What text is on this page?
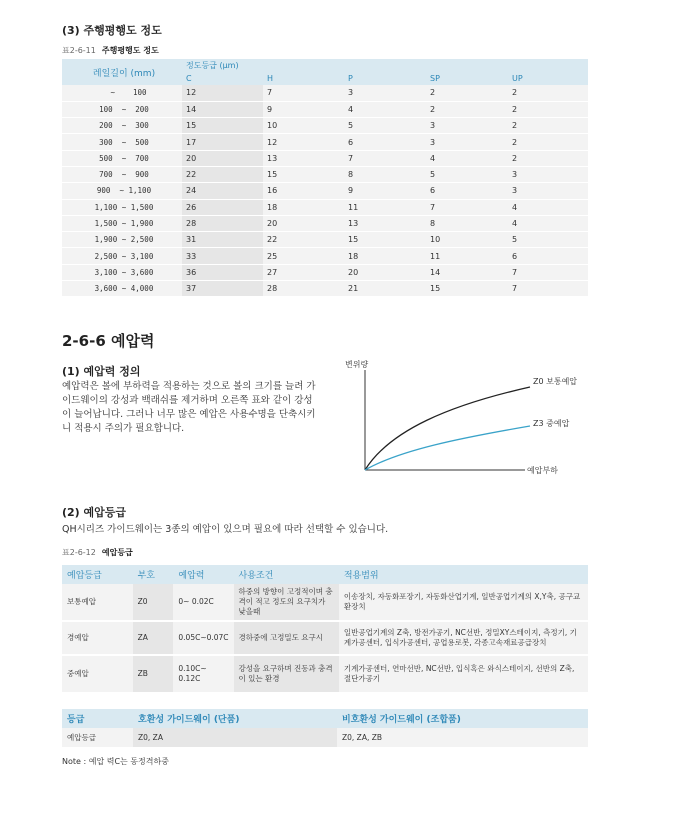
(3) 주행평행도 정도
표2-6-11 주행평행도 정도
레일길이 (mm)	정도등급 (μm)				
	C	H	P	SP	UP
~    100	12	7	3	2	2
100  ~  200	14	9	4	2	2
200  ~  300	15	10	5	3	2
300  ~  500	17	12	6	3	2
500  ~  700	20	13	7	4	2
700  ~  900	22	15	8	5	3
900  ~ 1,100	24	16	9	6	3
1,100 ~ 1,500	26	18	11	7	4
1,500 ~ 1,900	28	20	13	8	4
1,900 ~ 2,500	31	22	15	10	5
2,500 ~ 3,100	33	25	18	11	6
3,100 ~ 3,600	36	27	20	14	7
3,600 ~ 4,000	37	28	21	15	7
2-6-6 예압력
(1) 예압력 정의
예압력은 볼에 부하력을 적용하는 것으로 볼의 크기를 늘려 가이드웨이의 강성과 백래쉬를 제거하며 오른쪽 표와 같이 강성이 늘어납니다. 그러나 너무 많은 예압은 사용수명을 단축시키니 적용시 주의가 필요합니다.
변위량
예압부하
Z0 보통예압
Z3 중예압
(2) 예압등급
QH시리즈 가이드웨이는 3종의 예압이 있으며 필요에 따라 선택할 수 있습니다.
표2-6-12 예압등급
예압등급	부호	예압력	사용조건	적용범위
보통예압	Z0	0~ 0.02C	하중의 방향이 고정적이며 충격이 적고 정도의 요구치가 낮을때	이송장치, 자동화포장기, 자동화산업기계, 일반공업기계의 X,Y축, 공구교환장치
경예압	ZA	0.05C~0.07C	경하중에 고정밀도 요구시	일반공업기계의 Z축, 방전가공기, NC선반, 정밀XY스테이지, 측정기, 기계가공센터, 입식가공센터, 공업용로봇, 각종고속재료공급장치
중예압	ZB	0.10C~ 0.12C	강성을 요구하며 진동과 충격이 있는 환경	기계가공센터, 연마선반, NC선반, 입식혹은 와식스테이지, 선반의 Z축, 절단가공기
등급	호환성 가이드웨이 (단품)	비호환성 가이드웨이 (조합품)
예압등급	Z0, ZA	Z0, ZA, ZB
Note : 예압 력C는 동정격하중
